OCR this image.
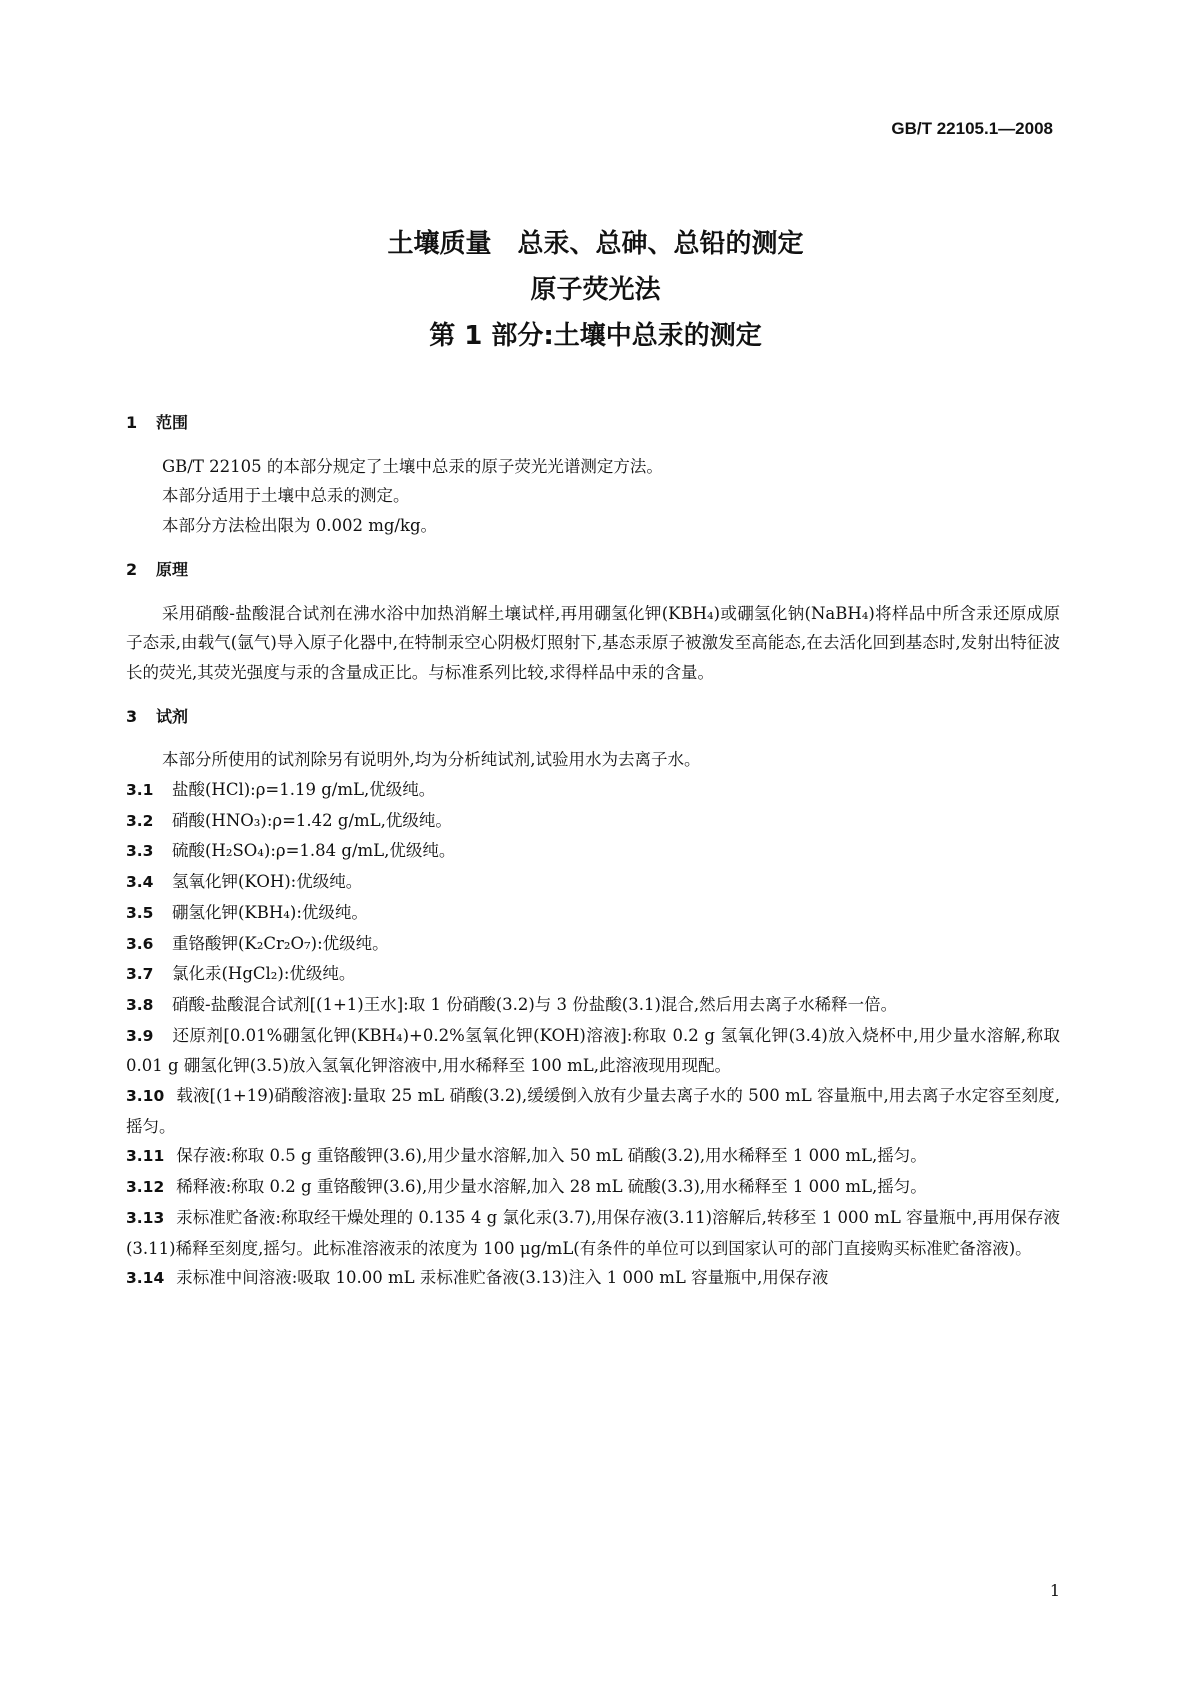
GB/T 22105.1—2008
土壤质量　总汞、总砷、总铅的测定
原子荧光法
第 1 部分:土壤中总汞的测定
1 范围
GB/T 22105 的本部分规定了土壤中总汞的原子荧光光谱测定方法。
本部分适用于土壤中总汞的测定。
本部分方法检出限为 0.002 mg/kg。
2 原理
采用硝酸-盐酸混合试剂在沸水浴中加热消解土壤试样,再用硼氢化钾(KBH₄)或硼氢化钠(NaBH₄)将样品中所含汞还原成原子态汞,由载气(氩气)导入原子化器中,在特制汞空心阴极灯照射下,基态汞原子被激发至高能态,在去活化回到基态时,发射出特征波长的荧光,其荧光强度与汞的含量成正比。与标准系列比较,求得样品中汞的含量。
3 试剂
本部分所使用的试剂除另有说明外,均为分析纯试剂,试验用水为去离子水。
3.1 盐酸(HCl):ρ=1.19 g/mL,优级纯。
3.2 硝酸(HNO₃):ρ=1.42 g/mL,优级纯。
3.3 硫酸(H₂SO₄):ρ=1.84 g/mL,优级纯。
3.4 氢氧化钾(KOH):优级纯。
3.5 硼氢化钾(KBH₄):优级纯。
3.6 重铬酸钾(K₂Cr₂O₇):优级纯。
3.7 氯化汞(HgCl₂):优级纯。
3.8 硝酸-盐酸混合试剂[(1+1)王水]:取 1 份硝酸(3.2)与 3 份盐酸(3.1)混合,然后用去离子水稀释一倍。
3.9 还原剂[0.01%硼氢化钾(KBH₄)+0.2%氢氧化钾(KOH)溶液]:称取 0.2 g 氢氧化钾(3.4)放入烧杯中,用少量水溶解,称取 0.01 g 硼氢化钾(3.5)放入氢氧化钾溶液中,用水稀释至 100 mL,此溶液现用现配。
3.10 载液[(1+19)硝酸溶液]:量取 25 mL 硝酸(3.2),缓缓倒入放有少量去离子水的 500 mL 容量瓶中,用去离子水定容至刻度,摇匀。
3.11 保存液:称取 0.5 g 重铬酸钾(3.6),用少量水溶解,加入 50 mL 硝酸(3.2),用水稀释至 1 000 mL,摇匀。
3.12 稀释液:称取 0.2 g 重铬酸钾(3.6),用少量水溶解,加入 28 mL 硫酸(3.3),用水稀释至 1 000 mL,摇匀。
3.13 汞标准贮备液:称取经干燥处理的 0.135 4 g 氯化汞(3.7),用保存液(3.11)溶解后,转移至 1 000 mL 容量瓶中,再用保存液(3.11)稀释至刻度,摇匀。此标准溶液汞的浓度为 100 μg/mL(有条件的单位可以到国家认可的部门直接购买标准贮备溶液)。
3.14 汞标准中间溶液:吸取 10.00 mL 汞标准贮备液(3.13)注入 1 000 mL 容量瓶中,用保存液
1
